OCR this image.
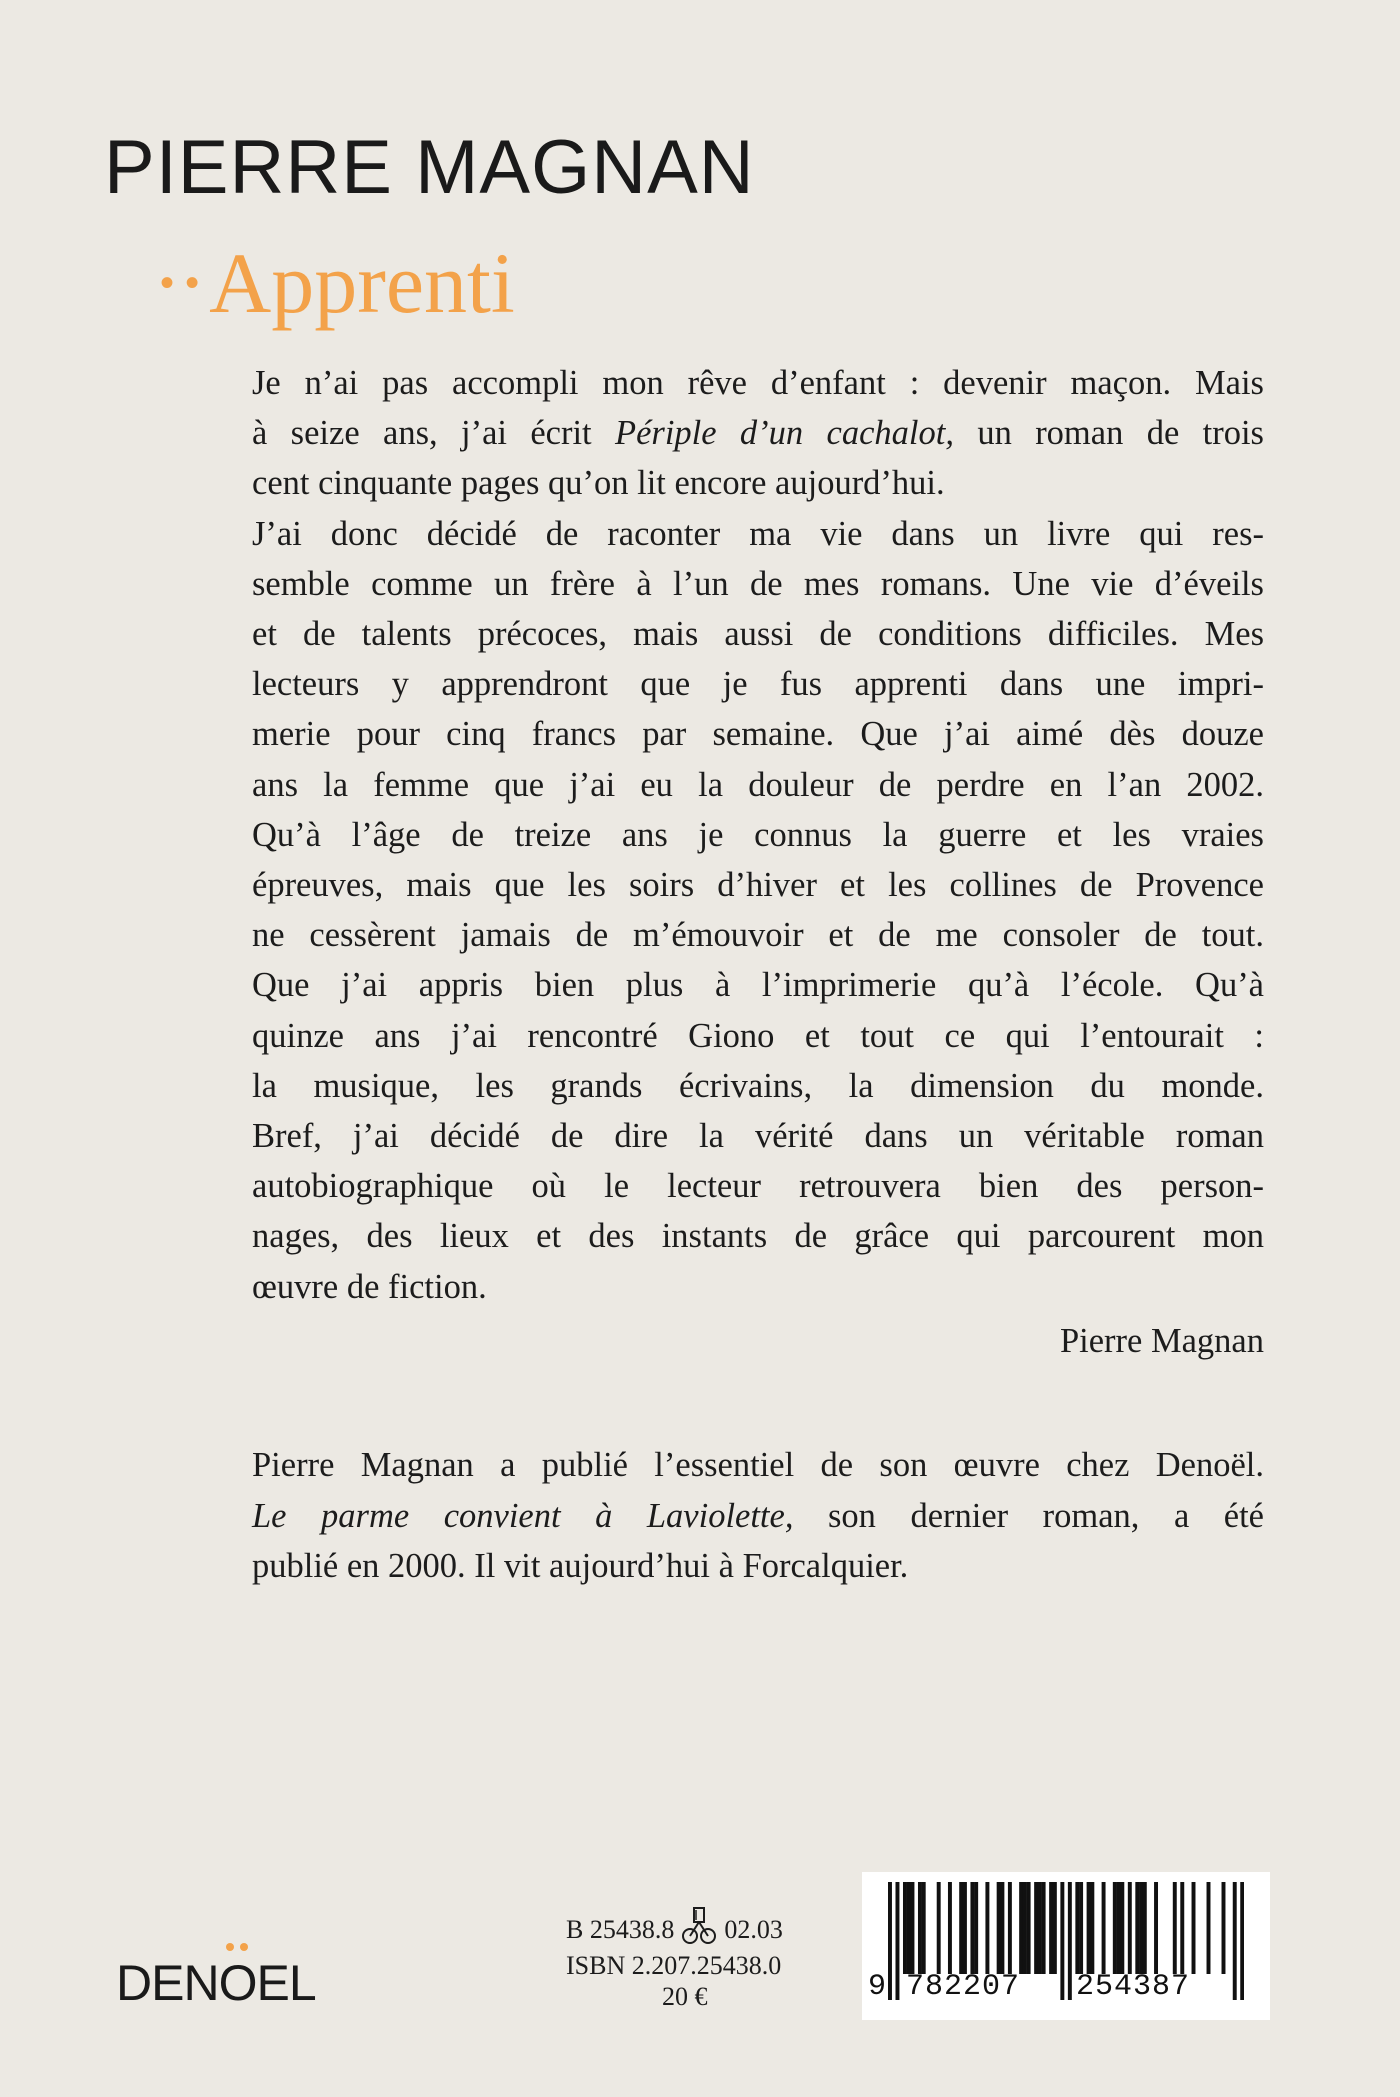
PIERRE MAGNAN
• • Apprenti
Je n’ai pas accompli mon rêve d’enfant : devenir maçon. Mais
à seize ans, j’ai écrit Périple d’un cachalot, un roman de trois
cent cinquante pages qu’on lit encore aujourd’hui.
J’ai donc décidé de raconter ma vie dans un livre qui res-
semble comme un frère à l’un de mes romans. Une vie d’éveils
et de talents précoces, mais aussi de conditions difficiles. Mes
lecteurs y apprendront que je fus apprenti dans une impri-
merie pour cinq francs par semaine. Que j’ai aimé dès douze
ans la femme que j’ai eu la douleur de perdre en l’an 2002.
Qu’à l’âge de treize ans je connus la guerre et les vraies
épreuves, mais que les soirs d’hiver et les collines de Provence
ne cessèrent jamais de m’émouvoir et de me consoler de tout.
Que j’ai appris bien plus à l’imprimerie qu’à l’école. Qu’à
quinze ans j’ai rencontré Giono et tout ce qui l’entourait :
la musique, les grands écrivains, la dimension du monde.
Bref, j’ai décidé de dire la vérité dans un véritable roman
autobiographique où le lecteur retrouvera bien des person-
nages, des lieux et des instants de grâce qui parcourent mon
œuvre de fiction.
Pierre Magnan
Pierre Magnan a publié l’essentiel de son œuvre chez Denoël.
Le parme convient à Laviolette, son dernier roman, a été
publié en 2000. Il vit aujourd’hui à Forcalquier.
DENOEL
B 25438.8 02.03
ISBN 2.207.25438.0
20 €	9 782207 254387
